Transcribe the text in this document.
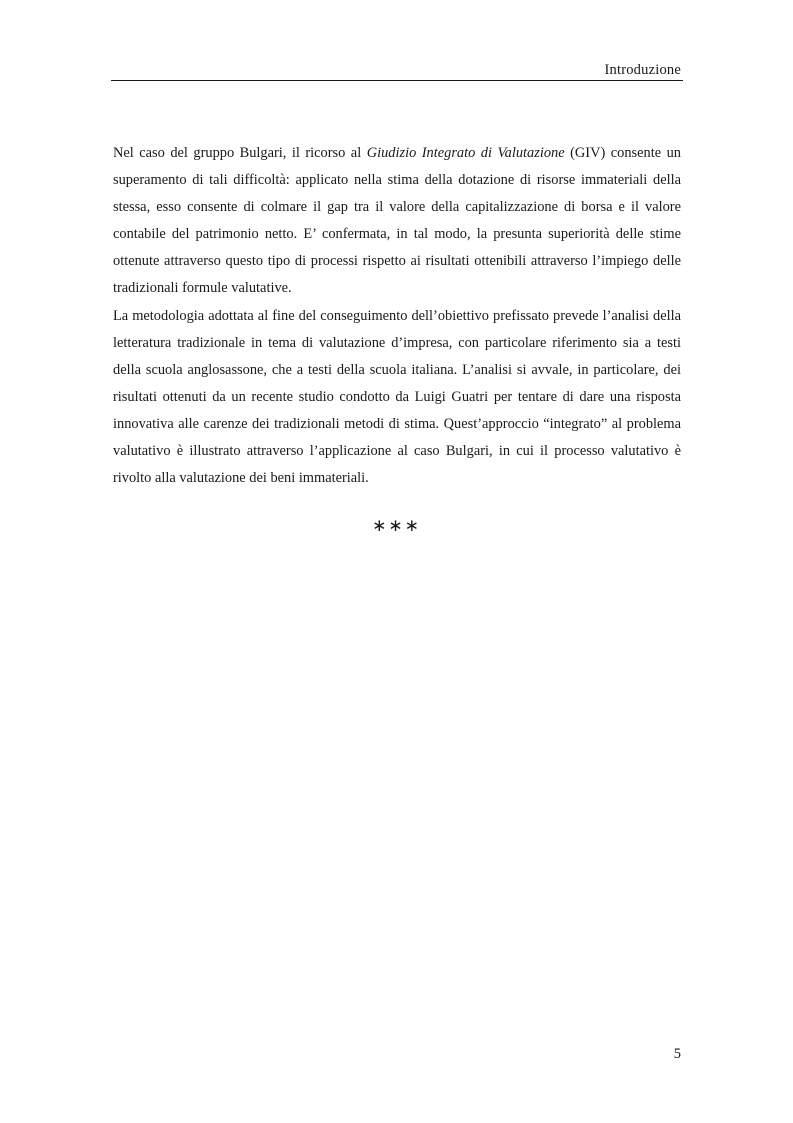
Introduzione

Nel caso del gruppo Bulgari, il ricorso al Giudizio Integrato di Valutazione (GIV) consente un superamento di tali difficoltà: applicato nella stima della dotazione di risorse immateriali della stessa, esso consente di colmare il gap tra il valore della capitalizzazione di borsa e il valore contabile del patrimonio netto. E’ confermata, in tal modo, la presunta superiorità delle stime ottenute attraverso questo tipo di processi rispetto ai risultati ottenibili attraverso l’impiego delle tradizionali formule valutative.

La metodologia adottata al fine del conseguimento dell’obiettivo prefissato prevede l’analisi della letteratura tradizionale in tema di valutazione d’impresa, con particolare riferimento sia a testi della scuola anglosassone, che a testi della scuola italiana. L’analisi si avvale, in particolare, dei risultati ottenuti da un recente studio condotto da Luigi Guatri per tentare di dare una risposta innovativa alle carenze dei tradizionali metodi di stima. Quest’approccio “integrato” al problema valutativo è illustrato attraverso l’applicazione al caso Bulgari, in cui il processo valutativo è rivolto alla valutazione dei beni immateriali.

∗∗∗
5
